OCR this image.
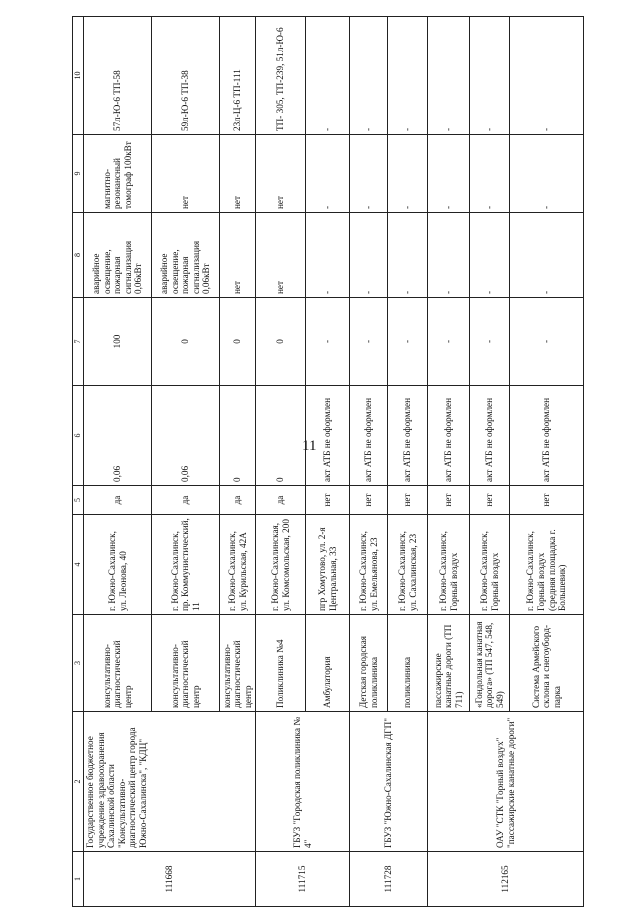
11
1	2	3	4	5	6	7	8	9	10
111668	Государственное бюджетное учреждение здравоохранения Сахалинской области "Консультативно-диагностический центр города Южно-Сахалинска", "КДЦ"	консультативно-диагностический центр	г. Южно-Сахалинск, ул. Леонова, 40	да	0,06	100	аварийное освещение, пожарная сигнализация 0,06кВт	магнитно-резонансный томограф 100кВт	57л-Ю-6 ТП-58
		консультативно-диагностический центр	г. Южно-Сахалинск, пр. Коммунистический, 11	да	0,06	0	аварийное освещение, пожарная сигнализация 0,06кВт	нет	59л-Ю-6 ТП-38
		консультативно-диагностический центр	г. Южно-Сахалинск, ул. Курильская, 42А	да	0	0	нет	нет	23л-Ц-6 ТП-111
111715	ГБУЗ "Городская поликлиника № 4"	Поликлиника №4	г. Южно-Сахалинская, ул. Комсомольская, 200	да	0	0	нет	нет	ТП- 305, ТП-239, 51л-Ю-6
		Амбулатория	пгр Хомутово, ул. 2-я Центральная, 33	нет	акт АТБ не оформлен	-	-	-	-
111728	ГБУЗ "Южно-Сахалинская ДГП"	Детская городская поликлиника	г. Южно-Сахалинск, ул. Емельянова, 23	нет	акт АТБ не оформлен	-	-	-	-
		поликлиника	г. Южно-Сахалинск, ул. Сахалинская, 23	нет	акт АТБ не оформлен	-	-	-	-
112165	ОАУ "СТК "Горный воздух" "пассажирские канатные дороги"	пассажирские канатные дороги (ТП 711)	г. Южно-Сахалинск, Горный воздух	нет	акт АТБ не оформлен	-	-	-	-
		«Гондольная канатная дорога» (ТП 547, 548, 549)	г. Южно-Сахалинск, Горный воздух	нет	акт АТБ не оформлен	-	-	-	-
		Система Армейского склона и снегоуборд-парка	г. Южно-Сахалинск, Горный воздух (средняя площадка г. Большевик)	нет	акт АТБ не оформлен	-	-	-	-
